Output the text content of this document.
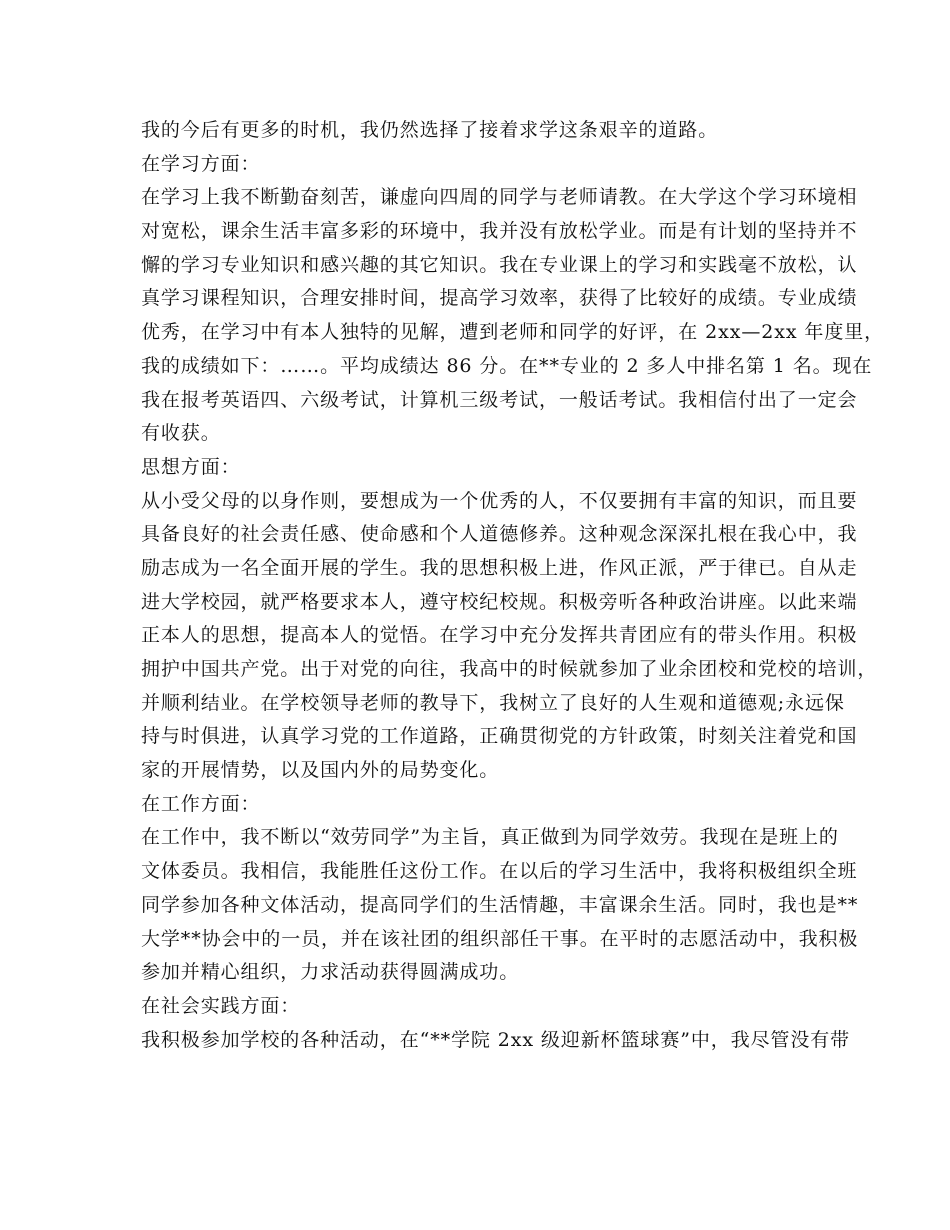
我的今后有更多的时机，我仍然选择了接着求学这条艰辛的道路。
在学习方面：
在学习上我不断勤奋刻苦，谦虚向四周的同学与老师请教。在大学这个学习环境相
对宽松，课余生活丰富多彩的环境中，我并没有放松学业。而是有计划的坚持并不
懈的学习专业知识和感兴趣的其它知识。我在专业课上的学习和实践毫不放松，认
真学习课程知识，合理安排时间，提高学习效率，获得了比较好的成绩。专业成绩
优秀，在学习中有本人独特的见解，遭到老师和同学的好评，在 2xx—2xx 年度里，
我的成绩如下：……。平均成绩达 86 分。在**专业的 2 多人中排名第 1 名。现在
我在报考英语四、六级考试，计算机三级考试，一般话考试。我相信付出了一定会
有收获。
思想方面：
从小受父母的以身作则，要想成为一个优秀的人，不仅要拥有丰富的知识，而且要
具备良好的社会责任感、使命感和个人道德修养。这种观念深深扎根在我心中，我
励志成为一名全面开展的学生。我的思想积极上进，作风正派，严于律已。自从走
进大学校园，就严格要求本人，遵守校纪校规。积极旁听各种政治讲座。以此来端
正本人的思想，提高本人的觉悟。在学习中充分发挥共青团应有的带头作用。积极
拥护中国共产党。出于对党的向往，我高中的时候就参加了业余团校和党校的培训，
并顺利结业。在学校领导老师的教导下，我树立了良好的人生观和道德观;永远保
持与时俱进，认真学习党的工作道路，正确贯彻党的方针政策，时刻关注着党和国
家的开展情势，以及国内外的局势变化。
在工作方面：
在工作中，我不断以“效劳同学”为主旨，真正做到为同学效劳。我现在是班上的
文体委员。我相信，我能胜任这份工作。在以后的学习生活中，我将积极组织全班
同学参加各种文体活动，提高同学们的生活情趣，丰富课余生活。同时，我也是**
大学**协会中的一员，并在该社团的组织部任干事。在平时的志愿活动中，我积极
参加并精心组织，力求活动获得圆满成功。
在社会实践方面：
我积极参加学校的各种活动，在“**学院 2xx 级迎新杯篮球赛”中，我尽管没有带
